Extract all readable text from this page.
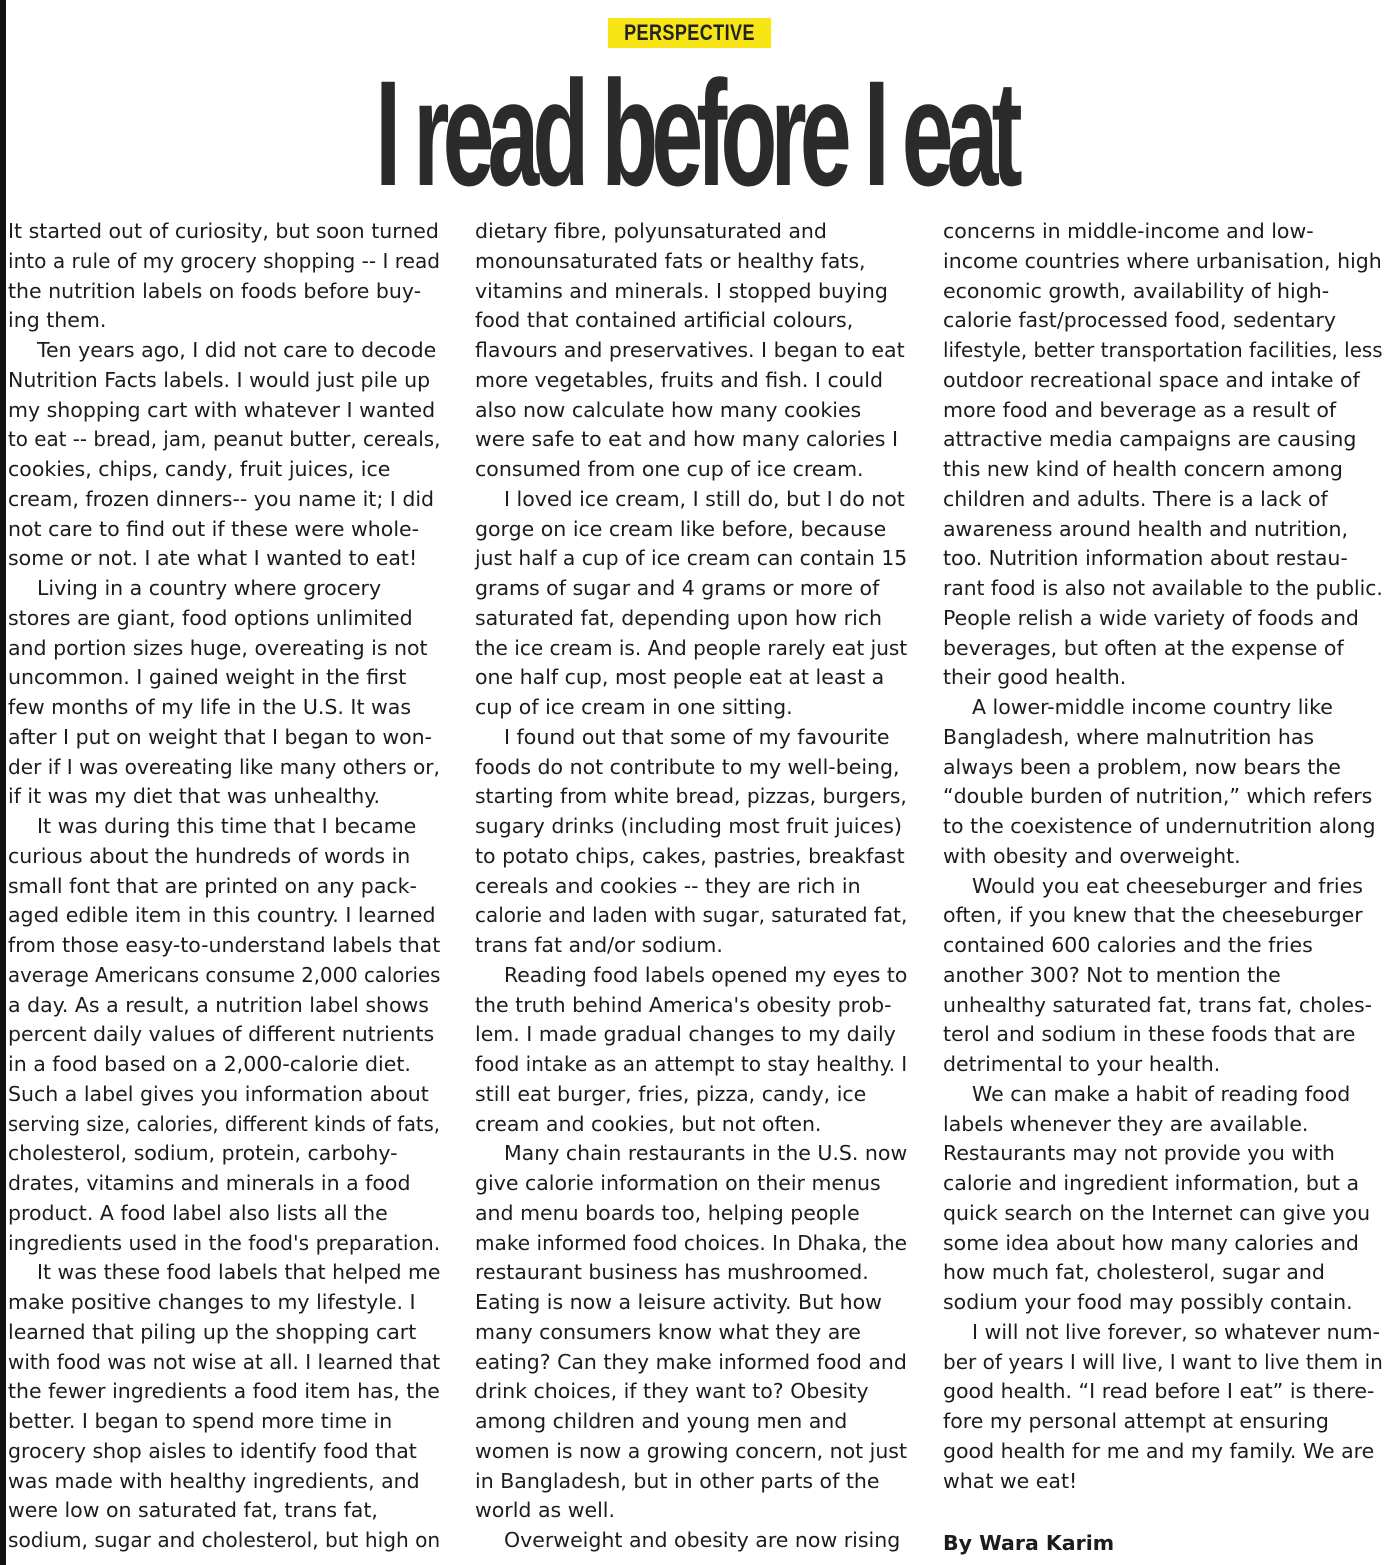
PERSPECTIVE
I read before I eat
It started out of curiosity, but soon turned
into a rule of my grocery shopping -- I read
the nutrition labels on foods before buy-
ing them.
Ten years ago, I did not care to decode
Nutrition Facts labels. I would just pile up
my shopping cart with whatever I wanted
to eat -- bread, jam, peanut butter, cereals,
cookies, chips, candy, fruit juices, ice
cream, frozen dinners-- you name it; I did
not care to find out if these were whole-
some or not. I ate what I wanted to eat!
Living in a country where grocery
stores are giant, food options unlimited
and portion sizes huge, overeating is not
uncommon. I gained weight in the first
few months of my life in the U.S. It was
after I put on weight that I began to won-
der if I was overeating like many others or,
if it was my diet that was unhealthy.
It was during this time that I became
curious about the hundreds of words in
small font that are printed on any pack-
aged edible item in this country. I learned
from those easy-to-understand labels that
average Americans consume 2,000 calories
a day. As a result, a nutrition label shows
percent daily values of different nutrients
in a food based on a 2,000-calorie diet.
Such a label gives you information about
serving size, calories, different kinds of fats,
cholesterol, sodium, protein, carbohy-
drates, vitamins and minerals in a food
product. A food label also lists all the
ingredients used in the food's preparation.
It was these food labels that helped me
make positive changes to my lifestyle. I
learned that piling up the shopping cart
with food was not wise at all. I learned that
the fewer ingredients a food item has, the
better. I began to spend more time in
grocery shop aisles to identify food that
was made with healthy ingredients, and
were low on saturated fat, trans fat,
sodium, sugar and cholesterol, but high on
dietary fibre, polyunsaturated and
monounsaturated fats or healthy fats,
vitamins and minerals. I stopped buying
food that contained artificial colours,
flavours and preservatives. I began to eat
more vegetables, fruits and fish. I could
also now calculate how many cookies
were safe to eat and how many calories I
consumed from one cup of ice cream.
I loved ice cream, I still do, but I do not
gorge on ice cream like before, because
just half a cup of ice cream can contain 15
grams of sugar and 4 grams or more of
saturated fat, depending upon how rich
the ice cream is. And people rarely eat just
one half cup, most people eat at least a
cup of ice cream in one sitting.
I found out that some of my favourite
foods do not contribute to my well-being,
starting from white bread, pizzas, burgers,
sugary drinks (including most fruit juices)
to potato chips, cakes, pastries, breakfast
cereals and cookies -- they are rich in
calorie and laden with sugar, saturated fat,
trans fat and/or sodium.
Reading food labels opened my eyes to
the truth behind America's obesity prob-
lem. I made gradual changes to my daily
food intake as an attempt to stay healthy. I
still eat burger, fries, pizza, candy, ice
cream and cookies, but not often.
Many chain restaurants in the U.S. now
give calorie information on their menus
and menu boards too, helping people
make informed food choices. In Dhaka, the
restaurant business has mushroomed.
Eating is now a leisure activity. But how
many consumers know what they are
eating? Can they make informed food and
drink choices, if they want to? Obesity
among children and young men and
women is now a growing concern, not just
in Bangladesh, but in other parts of the
world as well.
Overweight and obesity are now rising
concerns in middle-income and low-
income countries where urbanisation, high
economic growth, availability of high-
calorie fast/processed food, sedentary
lifestyle, better transportation facilities, less
outdoor recreational space and intake of
more food and beverage as a result of
attractive media campaigns are causing
this new kind of health concern among
children and adults. There is a lack of
awareness around health and nutrition,
too. Nutrition information about restau-
rant food is also not available to the public.
People relish a wide variety of foods and
beverages, but often at the expense of
their good health.
A lower-middle income country like
Bangladesh, where malnutrition has
always been a problem, now bears the
“double burden of nutrition,” which refers
to the coexistence of undernutrition along
with obesity and overweight.
Would you eat cheeseburger and fries
often, if you knew that the cheeseburger
contained 600 calories and the fries
another 300? Not to mention the
unhealthy saturated fat, trans fat, choles-
terol and sodium in these foods that are
detrimental to your health.
We can make a habit of reading food
labels whenever they are available.
Restaurants may not provide you with
calorie and ingredient information, but a
quick search on the Internet can give you
some idea about how many calories and
how much fat, cholesterol, sugar and
sodium your food may possibly contain.
I will not live forever, so whatever num-
ber of years I will live, I want to live them in
good health. “I read before I eat” is there-
fore my personal attempt at ensuring
good health for me and my family. We are
what we eat!
By Wara Karim
